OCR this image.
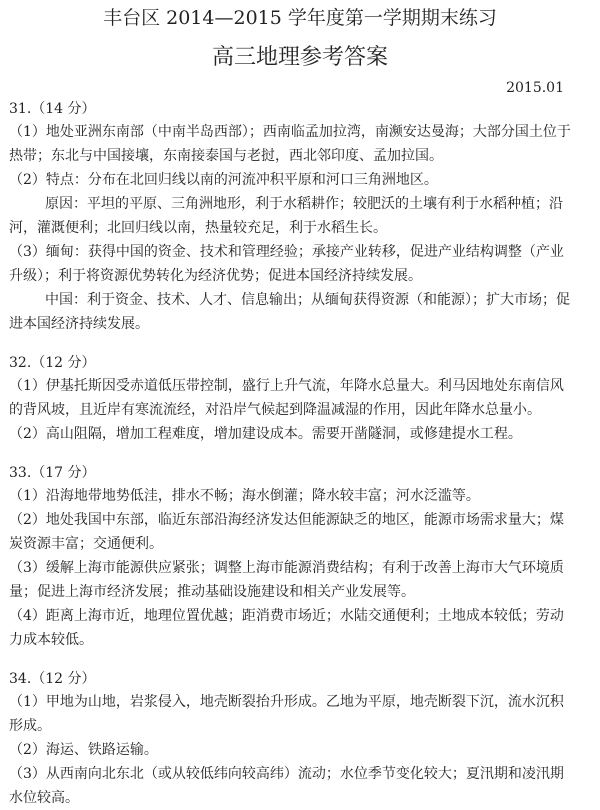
丰台区 2014—2015 学年度第一学期期末练习
高三地理参考答案
2015.01
31.（14 分）
（1）地处亚洲东南部（中南半岛西部）；西南临孟加拉湾，南濒安达曼海；大部分国土位于
热带；东北与中国接壤，东南接泰国与老挝，西北邻印度、孟加拉国。
（2）特点：分布在北回归线以南的河流冲积平原和河口三角洲地区。
原因：平坦的平原、三角洲地形，利于水稻耕作；较肥沃的土壤有利于水稻种植；沿
河，灌溉便利；北回归线以南，热量较充足，利于水稻生长。
（3）缅甸：获得中国的资金、技术和管理经验；承接产业转移，促进产业结构调整（产业
升级）；利于将资源优势转化为经济优势；促进本国经济持续发展。
中国：利于资金、技术、人才、信息输出；从缅甸获得资源（和能源）；扩大市场；促
进本国经济持续发展。
32.（12 分）
（1）伊基托斯因受赤道低压带控制，盛行上升气流，年降水总量大。利马因地处东南信风
的背风坡，且近岸有寒流流经，对沿岸气候起到降温减湿的作用，因此年降水总量小。
（2）高山阻隔，增加工程难度，增加建设成本。需要开凿隧洞，或修建提水工程。
33.（17 分）
（1）沿海地带地势低洼，排水不畅；海水倒灌；降水较丰富；河水泛滥等。
（2）地处我国中东部，临近东部沿海经济发达但能源缺乏的地区，能源市场需求量大；煤
炭资源丰富；交通便利。
（3）缓解上海市能源供应紧张；调整上海市能源消费结构；有利于改善上海市大气环境质
量；促进上海市经济发展；推动基础设施建设和相关产业发展等。
（4）距离上海市近，地理位置优越；距消费市场近；水陆交通便利；土地成本较低；劳动
力成本较低。
34.（12 分）
（1）甲地为山地，岩浆侵入，地壳断裂抬升形成。乙地为平原，地壳断裂下沉，流水沉积
形成。
（2）海运、铁路运输。
（3）从西南向北东北（或从较低纬向较高纬）流动；水位季节变化较大；夏汛期和凌汛期
水位较高。
